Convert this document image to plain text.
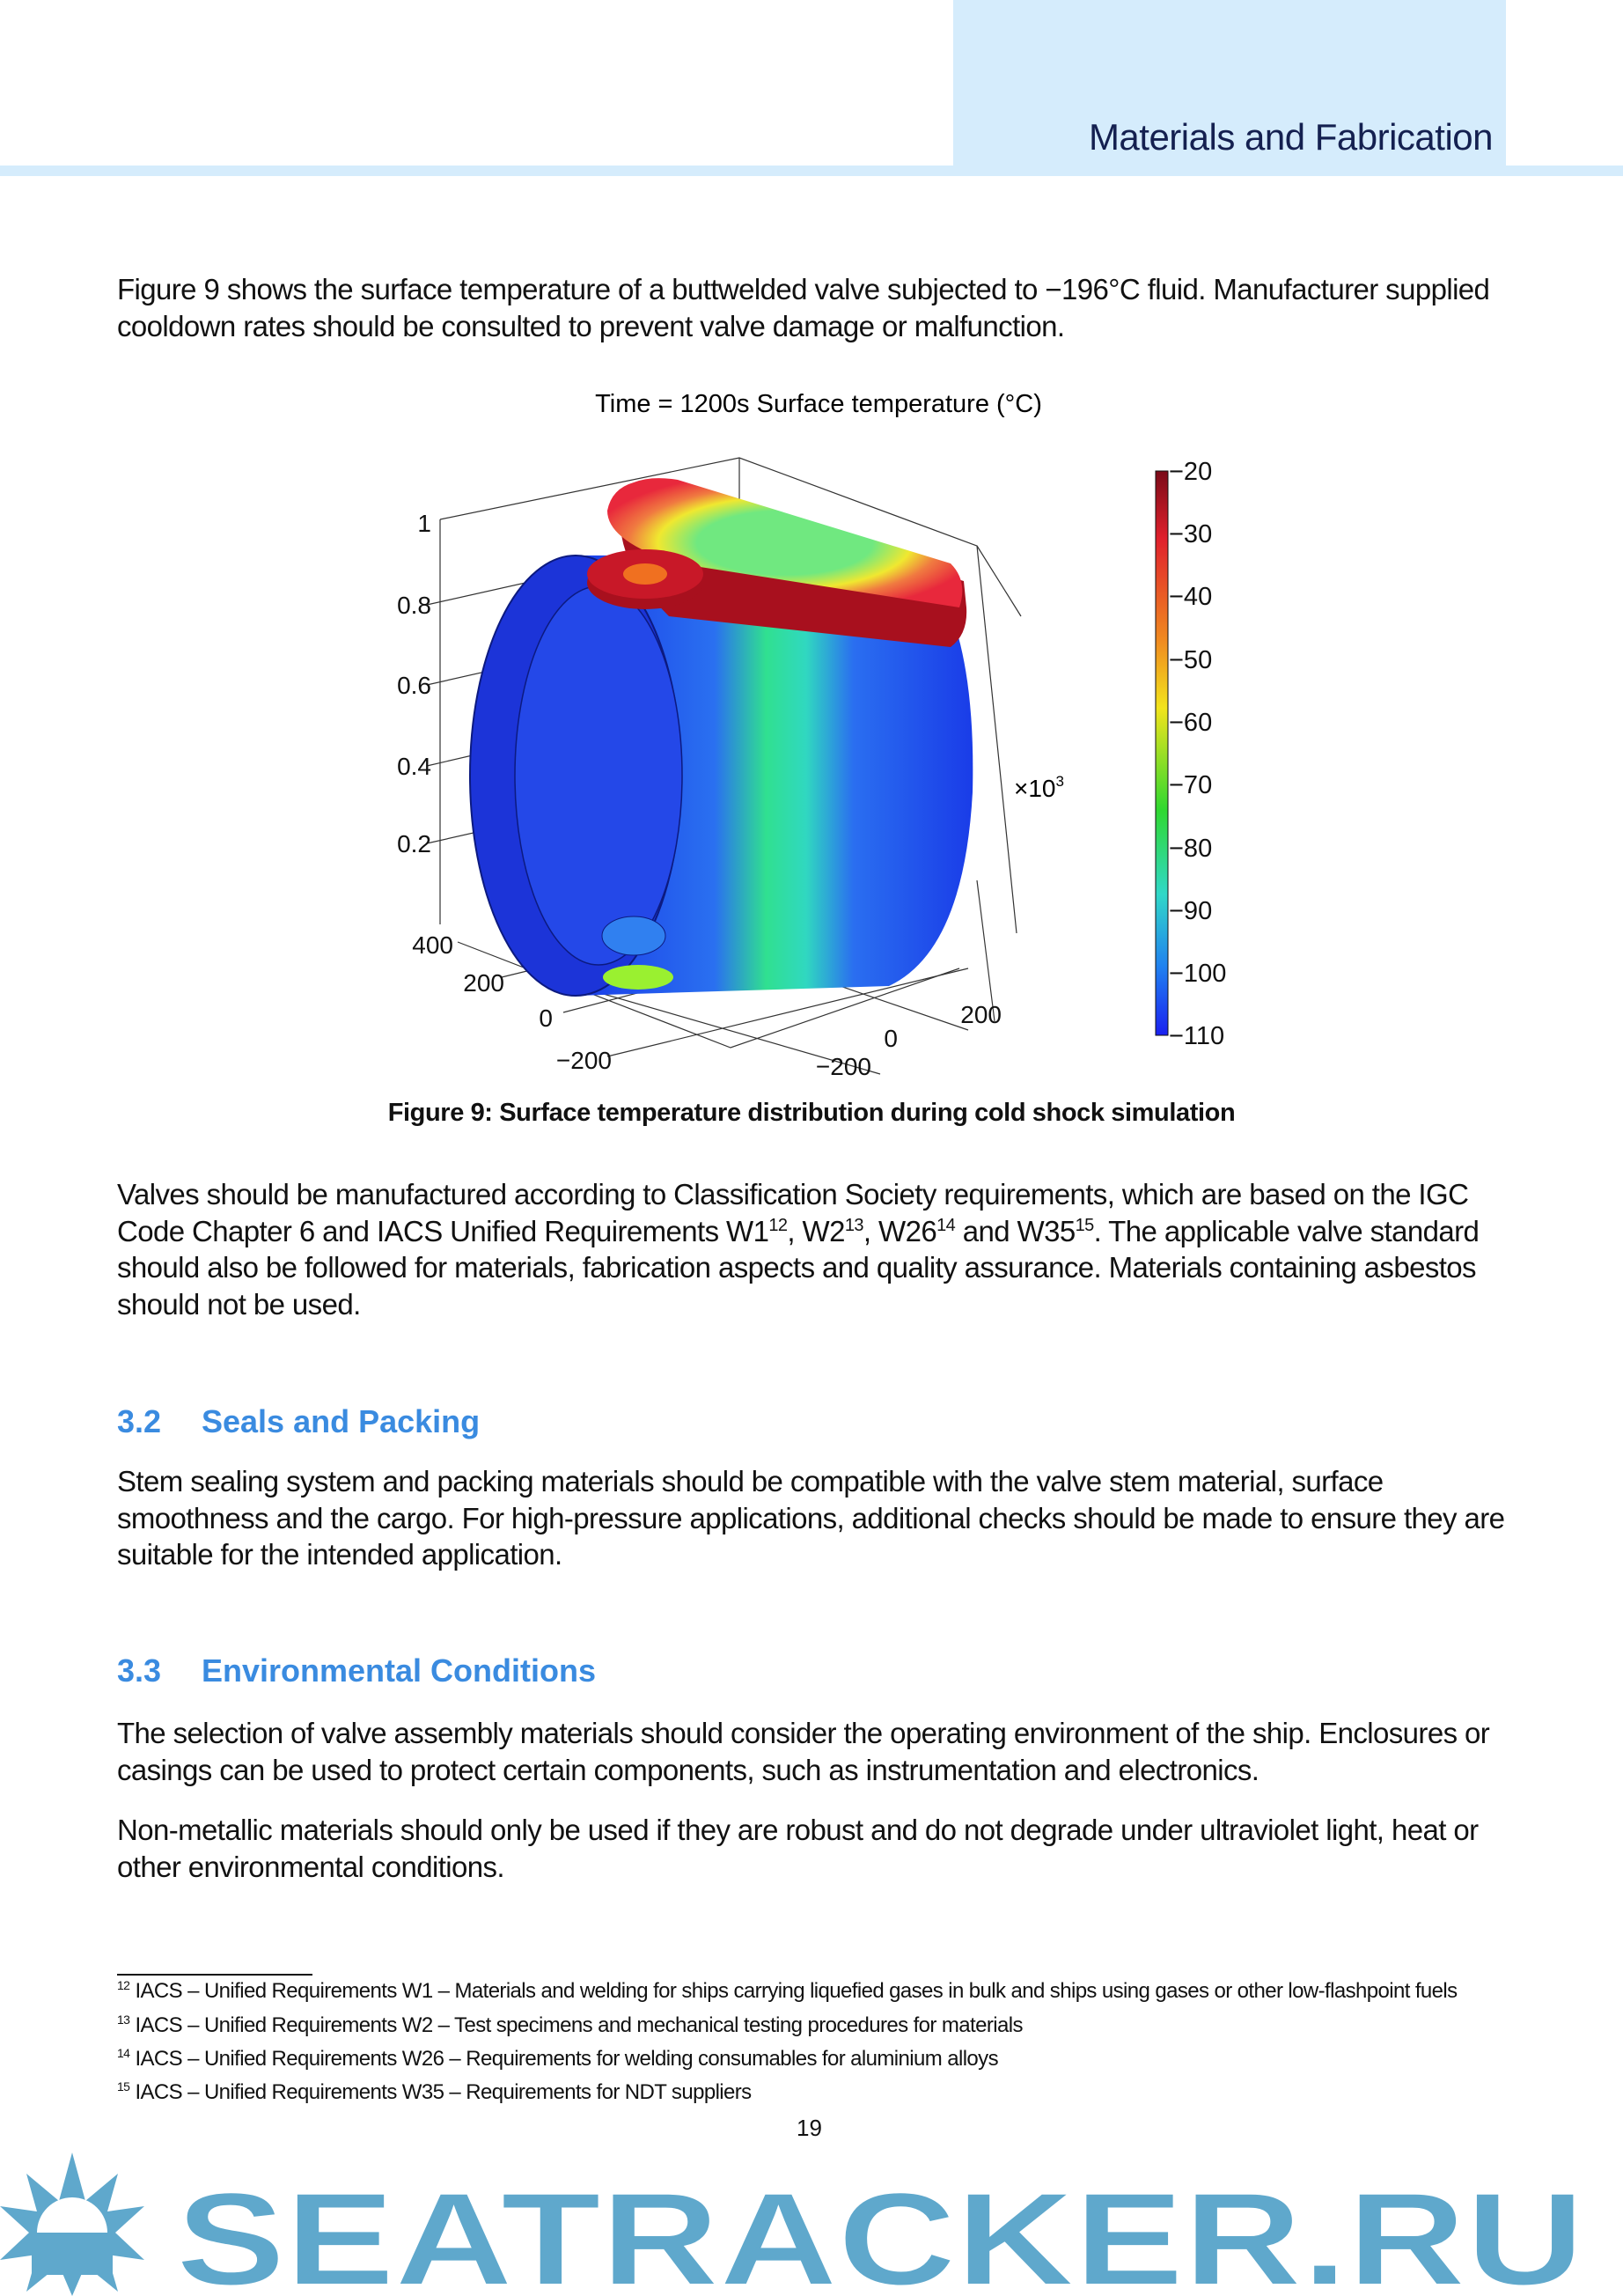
Materials and Fabrication

Figure 9 shows the surface temperature of a buttwelded valve subjected to −196°C fluid. Manufacturer supplied cooldown rates should be consulted to prevent valve damage or malfunction.

Time = 1200s Surface temperature (°C)
1
0.8
0.6
0.4
0.2
400
200
0
−200	−200
0
200
$\times 10^3$
−20
−30
−40
−50
−60
−70
−80
−90
−100
−110
Figure 9: Surface temperature distribution during cold shock simulation

Valves should be manufactured according to Classification Society requirements, which are based on the IGC Code Chapter 6 and IACS Unified Requirements $W1^{12}$, $W2^{13}$, $W26^{14}$ and $W35^{15}$. The applicable valve standard should also be followed for materials, fabrication aspects and quality assurance. Materials containing asbestos should not be used.

3.2 Seals and Packing

Stem sealing system and packing materials should be compatible with the valve stem material, surface smoothness and the cargo. For high-pressure applications, additional checks should be made to ensure they are suitable for the intended application.

3.3 Environmental Conditions

The selection of valve assembly materials should consider the operating environment of the ship. Enclosures or casings can be used to protect certain components, such as instrumentation and electronics.

Non-metallic materials should only be used if they are robust and do not degrade under ultraviolet light, heat or other environmental conditions.

$^{12}$ IACS – Unified Requirements W1 – Materials and welding for ships carrying liquefied gases in bulk and ships using gases or other low-flashpoint fuels
$^{13}$ IACS – Unified Requirements W2 – Test specimens and mechanical testing procedures for materials
$^{14}$ IACS – Unified Requirements W26 – Requirements for welding consumables for aluminium alloys
$^{15}$ IACS – Unified Requirements W35 – Requirements for NDT suppliers
19
SEATRACKER.RU
